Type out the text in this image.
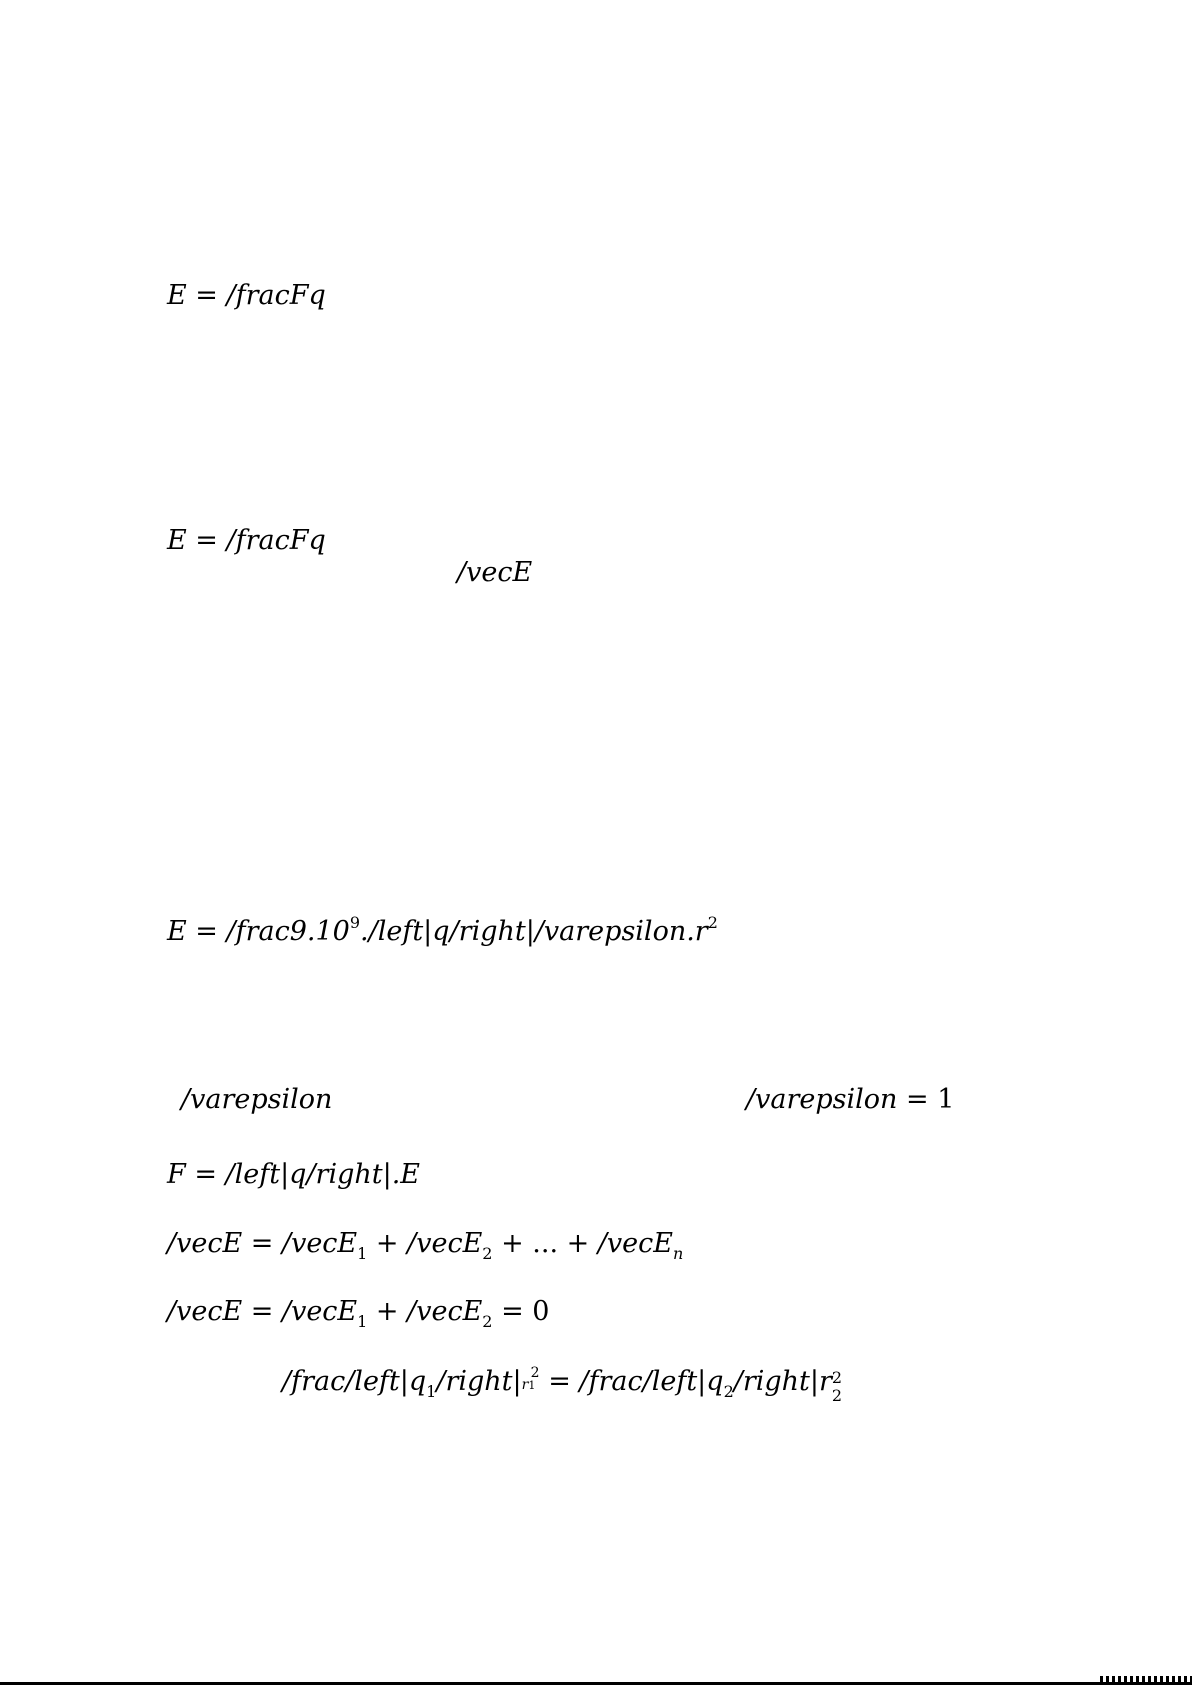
E = /fracFq
E = /fracFq
/vecE
$E = /frac9.10^9./left|q/right|/varepsilon.r^2$
/varepsilon	/varepsilon = 1
F = /left|q/right|.E
/vecE = /vecE$_1$ + /vecE$_2$ + ... + /vecE$_n$
/vecE = /vecE$_1$ + /vecE$_2$ = 0
$/frac/left|q_1/right|$ r1
$2 = /frac/left|q_2/right|r$ 2
2
